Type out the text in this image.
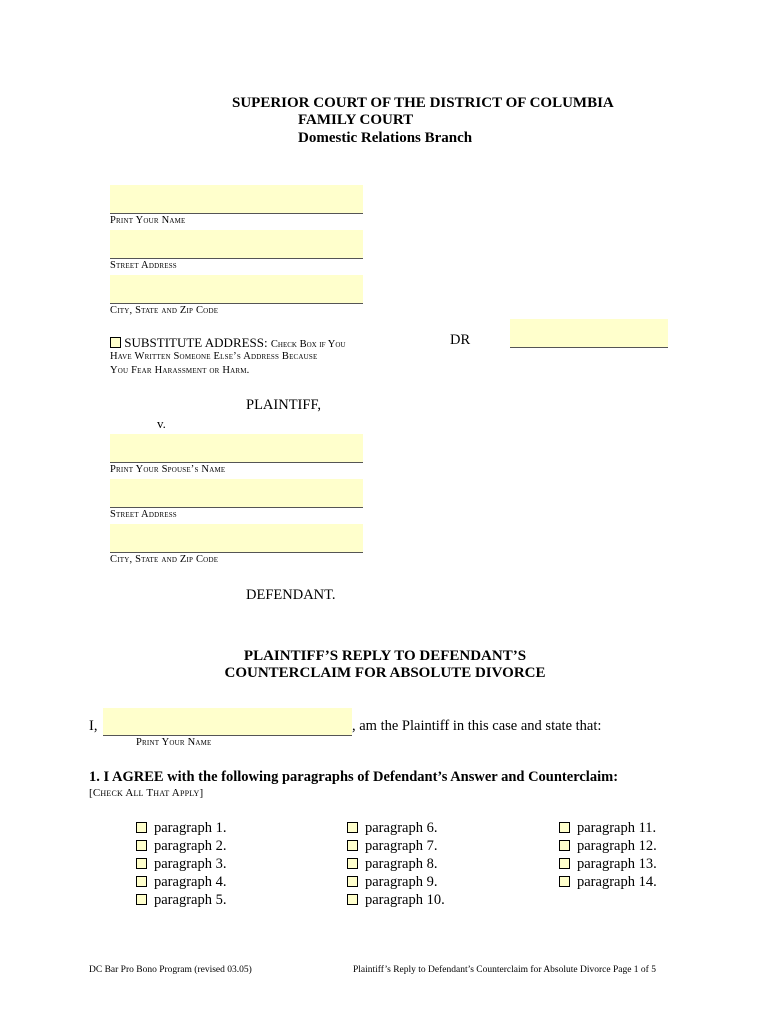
SUPERIOR COURT OF THE DISTRICT OF COLUMBIA
FAMILY COURT
Domestic Relations Branch
Print Your Name
Street Address
City, State and Zip Code
SUBSTITUTE ADDRESS: Check Box if You
Have Written Someone Else’s Address Because
You Fear Harassment or Harm.
DR
PLAINTIFF,
v.
Print Your Spouse’s Name
Street Address
City, State and Zip Code
DEFENDANT.
PLAINTIFF’S REPLY TO DEFENDANT’S
COUNTERCLAIM FOR ABSOLUTE DIVORCE
I,	, am the Plaintiff in this case and state that:
Print Your Name
1. I AGREE with the following paragraphs of Defendant’s Answer and Counterclaim:
[Check All That Apply]
paragraph 1.
paragraph 2.
paragraph 3.
paragraph 4.
paragraph 5.
paragraph 6.
paragraph 7.
paragraph 8.
paragraph 9.
paragraph 10.
paragraph 11.
paragraph 12.
paragraph 13.
paragraph 14.
DC Bar Pro Bono Program (revised 03.05)	Plaintiff’s Reply to Defendant’s Counterclaim for Absolute Divorce Page 1 of 5
